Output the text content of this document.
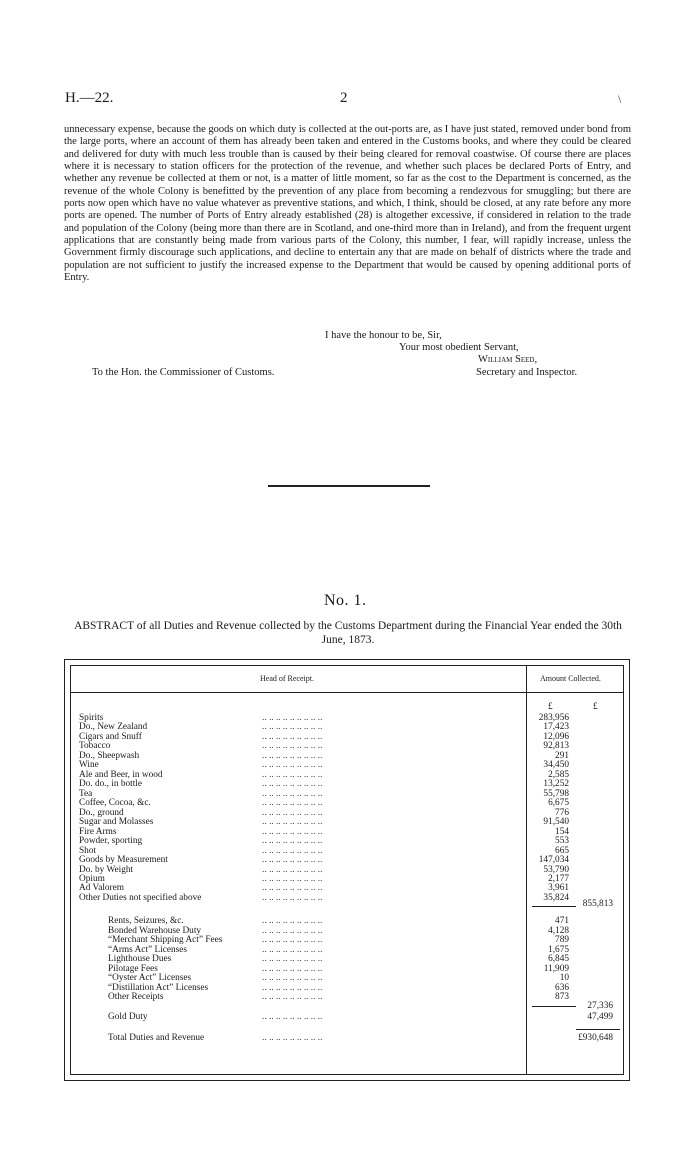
H.—22.	2	\

unnecessary expense, because the goods on which duty is collected at the out-ports are, as I have just stated, removed under bond from the large ports, where an account of them has already been taken and entered in the Customs books, and where they could be cleared and delivered for duty with much less trouble than is caused by their being cleared for removal coastwise. Of course there are places where it is necessary to station officers for the protection of the revenue, and whether such places be declared Ports of Entry, and whether any revenue be collected at them or not, is a matter of little moment, so far as the cost to the Department is concerned, as the revenue of the whole Colony is benefitted by the prevention of any place from becoming a rendezvous for smuggling; but there are ports now open which have no value whatever as preventive stations, and which, I think, should be closed, at any rate before any more ports are opened. The number of Ports of Entry already established (28) is altogether excessive, if considered in relation to the trade and population of the Colony (being more than there are in Scotland, and one-third more than in Ireland), and from the frequent urgent applications that are constantly being made from various parts of the Colony, this number, I fear, will rapidly increase, unless the Government firmly discourage such applications, and decline to entertain any that are made on behalf of districts where the trade and population are not sufficient to justify the increased expense to the Department that would be caused by opening additional ports of Entry.

I have the honour to be, Sir,
Your most obedient Servant,
William Seed,
To the Hon. the Commissioner of Customs.	Secretary and Inspector.
No. 1.
ABSTRACT of all Duties and Revenue collected by the Customs Department during the Financial Year ended the 30th June, 1873.
Head of Receipt.	Amount Collected.
£	£
Spirits	.. .. .. .. .. .. .. .. ..	283,956
Do., New Zealand	.. .. .. .. .. .. .. .. ..	17,423
Cigars and Snuff	.. .. .. .. .. .. .. .. ..	12,096
Tobacco	.. .. .. .. .. .. .. .. ..	92,813
Do., Sheepwash	.. .. .. .. .. .. .. .. ..	291
Wine	.. .. .. .. .. .. .. .. ..	34,450
Ale and Beer, in wood	.. .. .. .. .. .. .. .. ..	2,585
Do. do., in bottle	.. .. .. .. .. .. .. .. ..	13,252
Tea	.. .. .. .. .. .. .. .. ..	55,798
Coffee, Cocoa, &c.	.. .. .. .. .. .. .. .. ..	6,675
Do., ground	.. .. .. .. .. .. .. .. ..	776
Sugar and Molasses	.. .. .. .. .. .. .. .. ..	91,540
Fire Arms	.. .. .. .. .. .. .. .. ..	154
Powder, sporting	.. .. .. .. .. .. .. .. ..	553
Shot	.. .. .. .. .. .. .. .. ..	665
Goods by Measurement	.. .. .. .. .. .. .. .. ..	147,034
Do. by Weight	.. .. .. .. .. .. .. .. ..	53,790
Opium	.. .. .. .. .. .. .. .. ..	2,177
Ad Valorem	.. .. .. .. .. .. .. .. ..	3,961
Other Duties not specified above	.. .. .. .. .. .. .. .. ..	35,824
855,813
Rents, Seizures, &c.	.. .. .. .. .. .. .. .. ..	471
Bonded Warehouse Duty	.. .. .. .. .. .. .. .. ..	4,128
“Merchant Shipping Act” Fees	.. .. .. .. .. .. .. .. ..	789
“Arms Act” Licenses	.. .. .. .. .. .. .. .. ..	1,675
Lighthouse Dues	.. .. .. .. .. .. .. .. ..	6,845
Pilotage Fees	.. .. .. .. .. .. .. .. ..	11,909
“Oyster Act” Licenses	.. .. .. .. .. .. .. .. ..	10
“Distillation Act” Licenses	.. .. .. .. .. .. .. .. ..	636
Other Receipts	.. .. .. .. .. .. .. .. ..	873
27,336
Gold Duty	.. .. .. .. .. .. .. .. ..	47,499
Total Duties and Revenue	.. .. .. .. .. .. .. .. ..	£930,648
